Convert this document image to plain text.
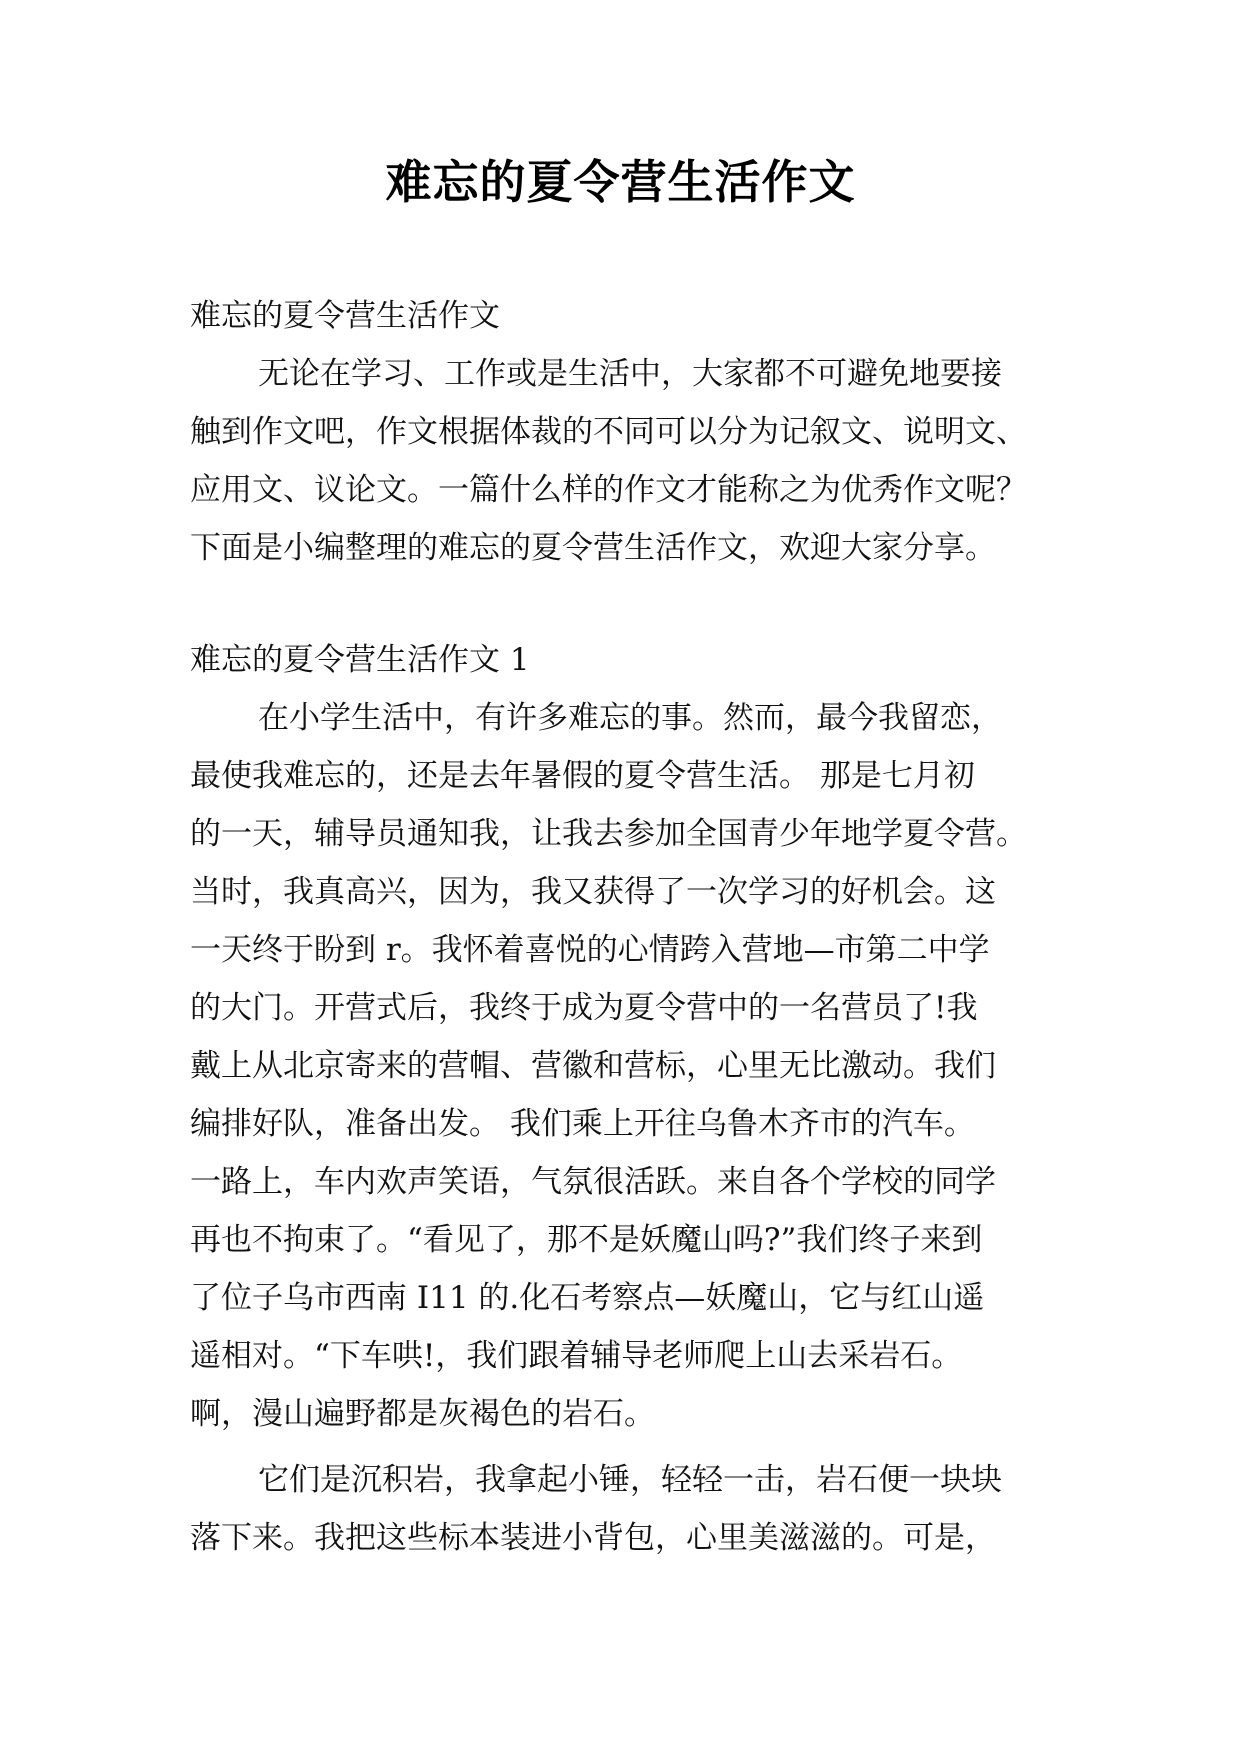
难忘的夏令营生活作文
难忘的夏令营生活作文
无论在学习、工作或是生活中，大家都不可避免地要接
触到作文吧，作文根据体裁的不同可以分为记叙文、说明文、
应用文、议论文。一篇什么样的作文才能称之为优秀作文呢？
下面是小编整理的难忘的夏令营生活作文，欢迎大家分享。
难忘的夏令营生活作文 1
在小学生活中，有许多难忘的事。然而，最今我留恋，
最使我难忘的，还是去年暑假的夏令营生活。 那是七月初
的一天，辅导员通知我，让我去参加全国青少年地学夏令营。
当时，我真高兴，因为，我又获得了一次学习的好机会。这
一天终于盼到 r。我怀着喜悦的心情跨入营地—市第二中学
的大门。开营式后，我终于成为夏令营中的一名营员了!我
戴上从北京寄来的营帽、营徽和营标，心里无比激动。我们
编排好队，准备出发。 我们乘上开往乌鲁木齐市的汽车。
一路上，车内欢声笑语，气氛很活跃。来自各个学校的同学
再也不拘束了。“看见了，那不是妖魔山吗?”我们终子来到
了位子乌市西南 I11 的.化石考察点—妖魔山，它与红山遥
遥相对。“下车哄!，我们跟着辅导老师爬上山去采岩石。
啊，漫山遍野都是灰褐色的岩石。
它们是沉积岩，我拿起小锤，轻轻一击，岩石便一块块
落下来。我把这些标本装进小背包，心里美滋滋的。可是，
